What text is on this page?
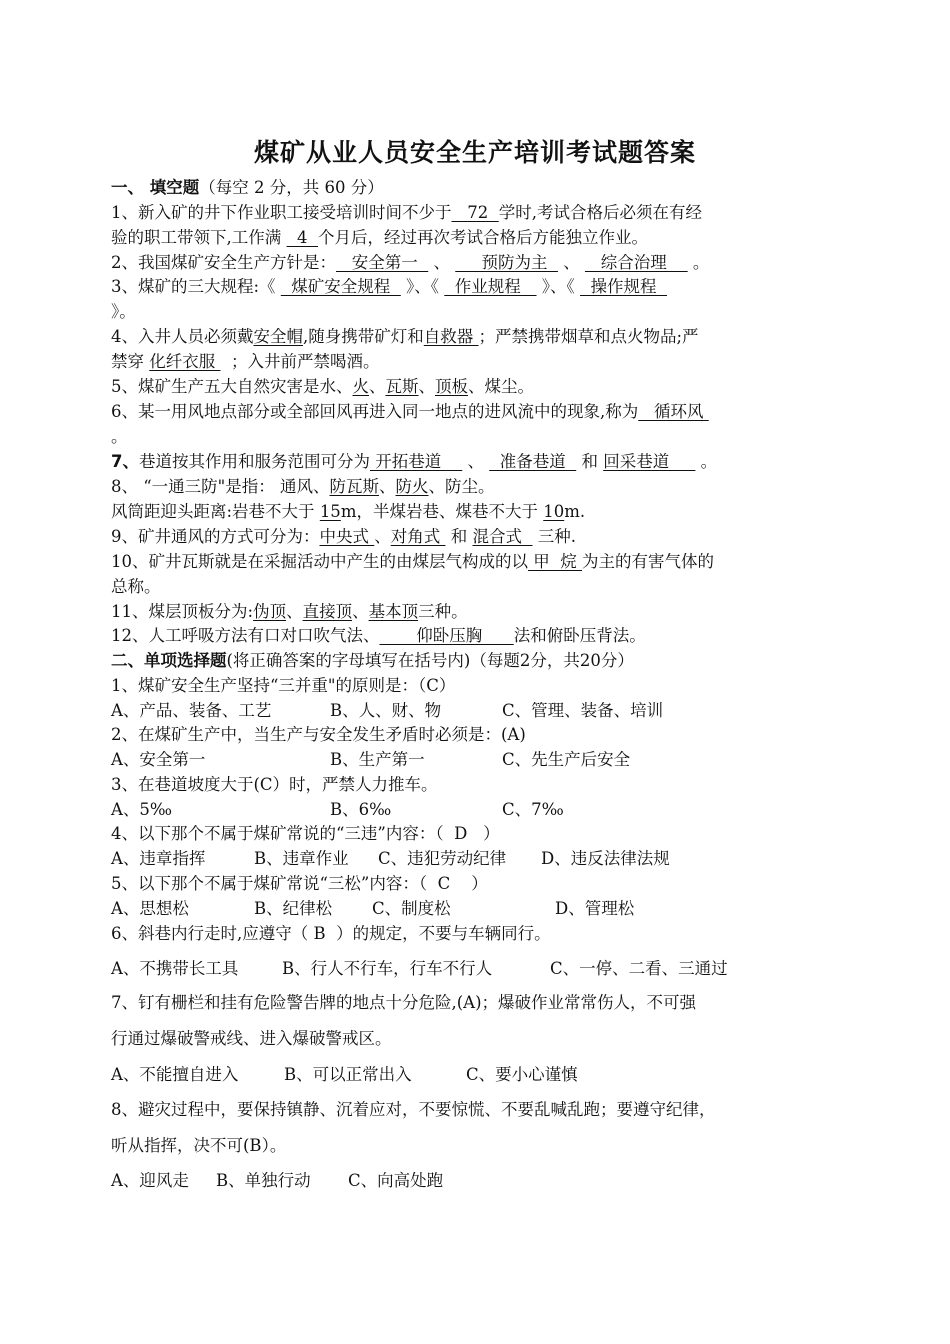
煤矿从业人员安全生产培训考试题答案
一、 填空题（每空 2 分，共 60 分）
1、新入矿的井下作业职工接受培训时间不少于   72  学时,考试合格后必须在有经
验的职工带领下,工作满   4  个月后，经过再次考试合格后方能独立作业。
2、我国煤矿安全生产方针是：   安全第一   、      预防为主   、    综合治理     。
3、煤矿的三大规程:《   煤矿安全规程   》、《   作业规程    》、《   操作规程
》。
4、入井人员必须戴安全帽,随身携带矿灯和自救器 ；严禁携带烟草和点火物品;严
禁穿 化纤衣服   ；入井前严禁喝酒。
5、煤矿生产五大自然灾害是水、火、瓦斯、顶板、煤尘。
6、某一用风地点部分或全部回风再进入同一地点的进风流中的现象,称为   循环风
。
7、巷道按其作用和服务范围可分为 开拓巷道     、   准备巷道   和 回采巷道      。
8、 “一通三防"是指： 通风、防瓦斯、防火、防尘。
风筒距迎头距离:岩巷不大于 15m，半煤岩巷、煤巷不大于 10m.
9、矿井通风的方式可分为：中央式 、对角式  和 混合式   三种.
10、矿井瓦斯就是在采掘活动中产生的由煤层气构成的以 甲  烷 为主的有害气体的
总称。
11、煤层顶板分为:伪顶、直接顶、基本顶三种。
12、人工呼吸方法有口对口吹气法、       仰卧压胸      法和俯卧压背法。
二、单项选择题(将正确答案的字母填写在括号内)（每题2分，共20分）
1、煤矿安全生产坚持“三并重"的原则是：（C）
A、产品、装备、工艺	B、人、财、物	C、管理、装备、培训
2、在煤矿生产中，当生产与安全发生矛盾时必须是：(A)
A、安全第一	B、生产第一	C、先生产后安全
3、在巷道坡度大于(C）时，严禁人力推车。
A、5‰	B、6‰	C、7‰
4、以下那个不属于煤矿常说的“三违”内容：（  D   ）
A、违章指挥	B、违章作业 C、违犯劳动纪律 D、违反法律法规
5、以下那个不属于煤矿常说“三松”内容：（  C    ）
A、思想松	B、纪律松 C、制度松	D、管理松
6、斜巷内行走时,应遵守（ B  ）的规定，不要与车辆同行。
A、不携带长工具	B、行人不行车，行车不行人	C、一停、二看、三通过
7、钉有栅栏和挂有危险警告牌的地点十分危险,(A)；爆破作业常常伤人，不可强
行通过爆破警戒线、进入爆破警戒区。
A、不能擅自进入	B、可以正常出入	C、要小心谨慎
8、避灾过程中，要保持镇静、沉着应对，不要惊慌、不要乱喊乱跑；要遵守纪律，
听从指挥，决不可(B）。
A、迎风走 B、单独行动 C、向高处跑
